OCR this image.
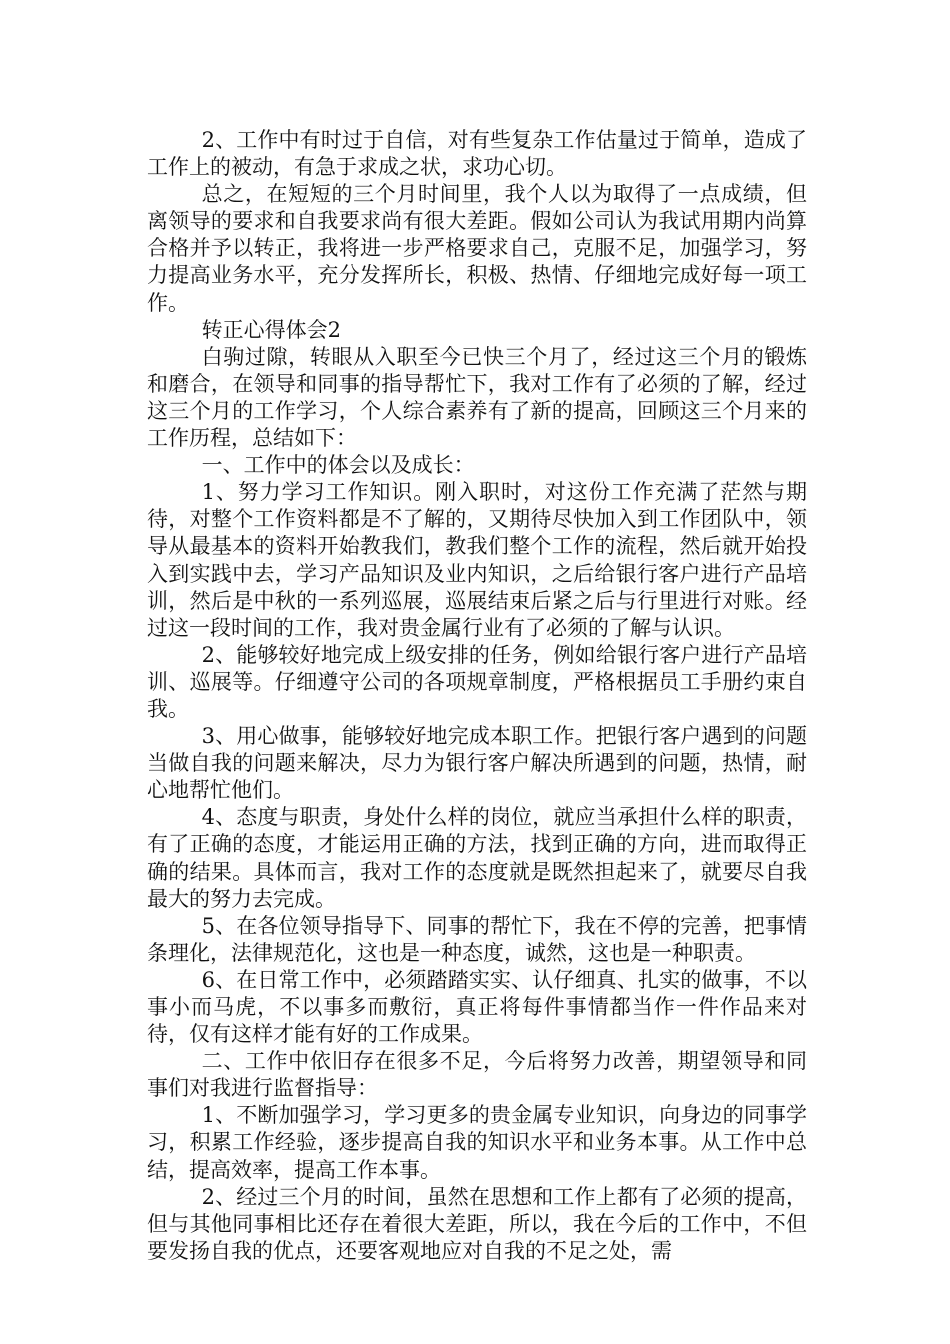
2、工作中有时过于自信，对有些复杂工作估量过于简单，造成了工作上的被动，有急于求成之状，求功心切。

总之，在短短的三个月时间里，我个人以为取得了一点成绩，但离领导的要求和自我要求尚有很大差距。假如公司认为我试用期内尚算合格并予以转正，我将进一步严格要求自己，克服不足，加强学习，努力提高业务水平，充分发挥所长，积极、热情、仔细地完成好每一项工作。

转正心得体会2

白驹过隙，转眼从入职至今已快三个月了，经过这三个月的锻炼和磨合，在领导和同事的指导帮忙下，我对工作有了必须的了解，经过这三个月的工作学习，个人综合素养有了新的提高，回顾这三个月来的工作历程，总结如下：

一、工作中的体会以及成长：

1、努力学习工作知识。刚入职时，对这份工作充满了茫然与期待，对整个工作资料都是不了解的，又期待尽快加入到工作团队中，领导从最基本的资料开始教我们，教我们整个工作的流程，然后就开始投入到实践中去，学习产品知识及业内知识，之后给银行客户进行产品培训，然后是中秋的一系列巡展，巡展结束后紧之后与行里进行对账。经过这一段时间的工作，我对贵金属行业有了必须的了解与认识。

2、能够较好地完成上级安排的任务，例如给银行客户进行产品培训、巡展等。仔细遵守公司的各项规章制度，严格根据员工手册约束自我。

3、用心做事，能够较好地完成本职工作。把银行客户遇到的问题当做自我的问题来解决，尽力为银行客户解决所遇到的问题，热情，耐心地帮忙他们。

4、态度与职责，身处什么样的岗位，就应当承担什么样的职责，有了正确的态度，才能运用正确的方法，找到正确的方向，进而取得正确的结果。具体而言，我对工作的态度就是既然担起来了，就要尽自我最大的努力去完成。

5、在各位领导指导下、同事的帮忙下，我在不停的完善，把事情条理化，法律规范化，这也是一种态度，诚然，这也是一种职责。

6、在日常工作中，必须踏踏实实、认仔细真、扎实的做事，不以事小而马虎，不以事多而敷衍，真正将每件事情都当作一件作品来对待，仅有这样才能有好的工作成果。

二、工作中依旧存在很多不足，今后将努力改善，期望领导和同事们对我进行监督指导：

1、不断加强学习，学习更多的贵金属专业知识，向身边的同事学习，积累工作经验，逐步提高自我的知识水平和业务本事。从工作中总结，提高效率，提高工作本事。

2、经过三个月的时间，虽然在思想和工作上都有了必须的提高，但与其他同事相比还存在着很大差距，所以，我在今后的工作中，不但要发扬自我的优点，还要客观地应对自我的不足之处，需
